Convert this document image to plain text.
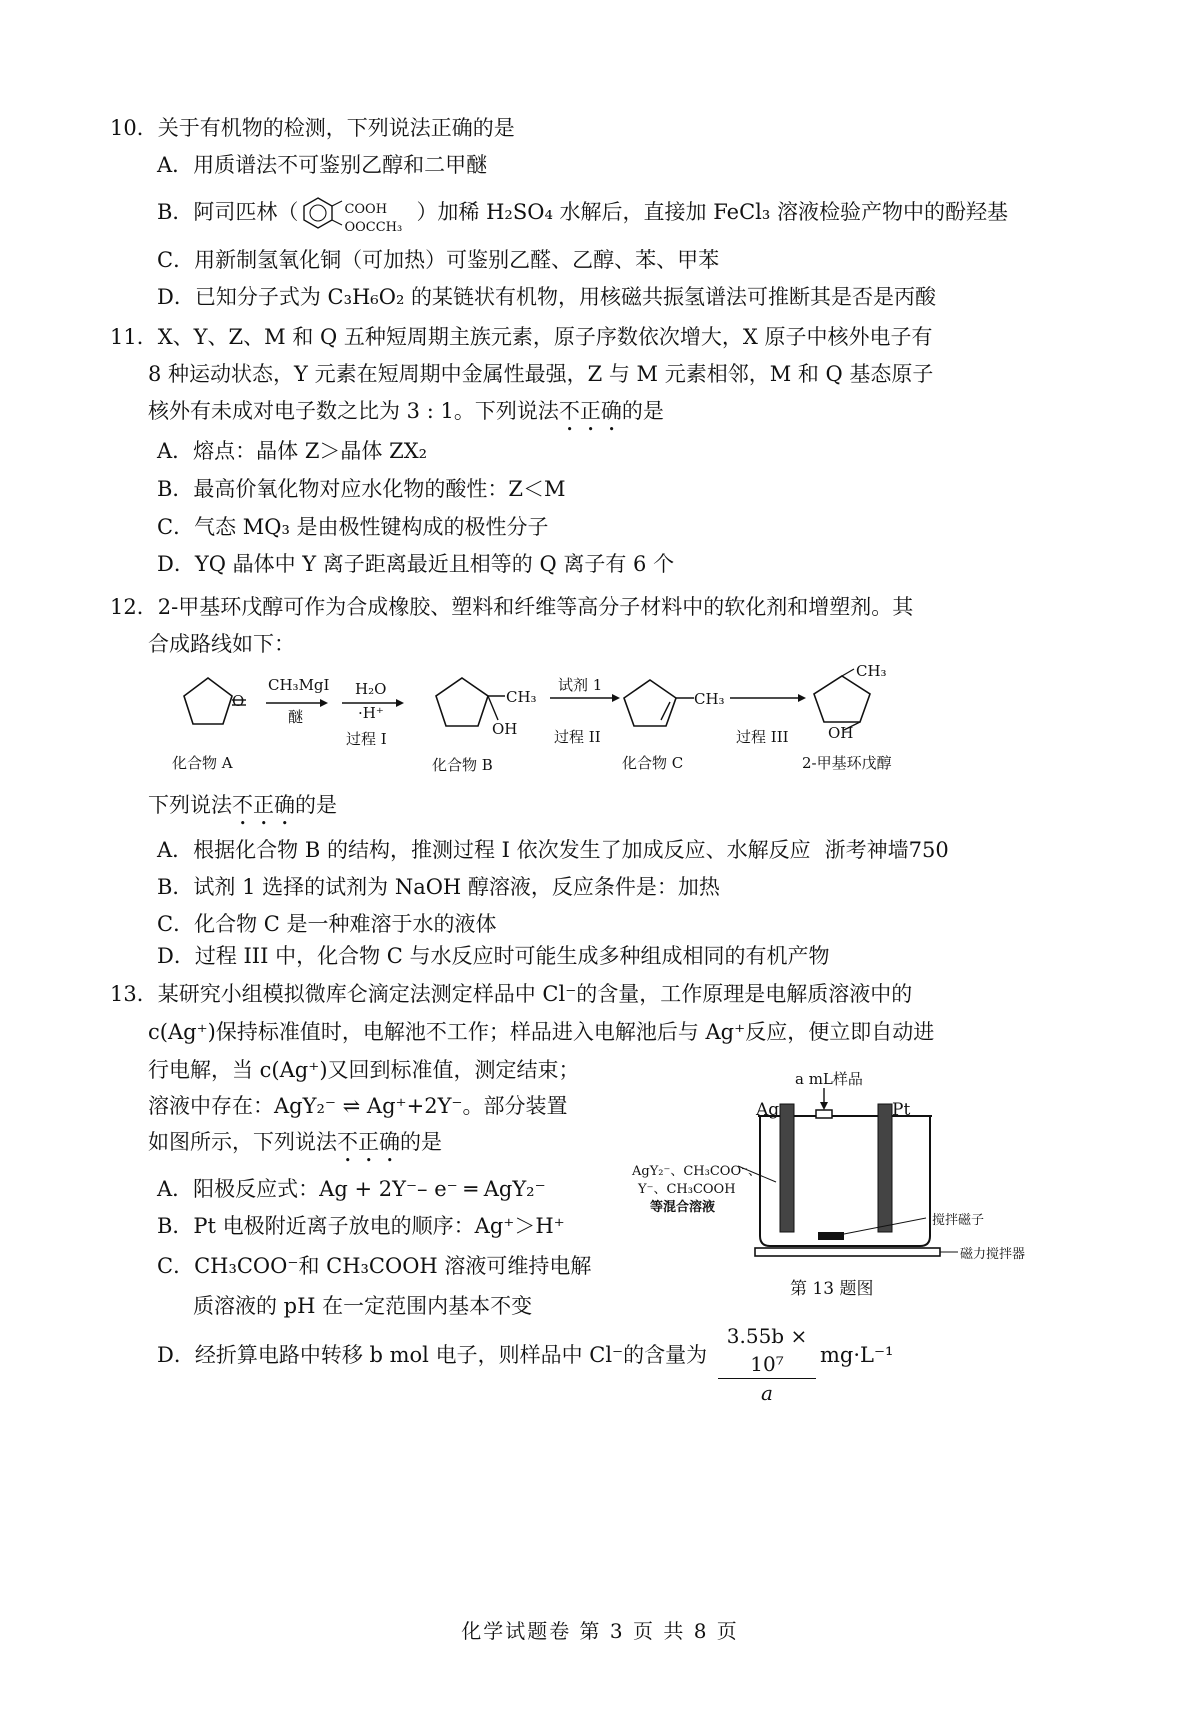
10．关于有机物的检测，下列说法正确的是
A．用质谱法不可鉴别乙醇和二甲醚
B．阿司匹林（	COOH
OOCCH₃
）加稀 H₂SO₄ 水解后，直接加 FeCl₃ 溶液检验产物中的酚羟基
C．用新制氢氧化铜（可加热）可鉴别乙醛、乙醇、苯、甲苯
D．已知分子式为 C₃H₆O₂ 的某链状有机物，用核磁共振氢谱法可推断其是否是丙酸
11．X、Y、Z、M 和 Q 五种短周期主族元素，原子序数依次增大，X 原子中核外电子有
8 种运动状态，Y 元素在短周期中金属性最强，Z 与 M 元素相邻，M 和 Q 基态原子
核外有未成对电子数之比为 3 : 1。下列说法不正确的是
A．熔点：晶体 Z＞晶体 ZX₂
B．最高价氧化物对应水化物的酸性：Z＜M
C．气态 MQ₃ 是由极性键构成的极性分子
D．YQ 晶体中 Y 离子距离最近且相等的 Q 离子有 6 个
12．2-甲基环戊醇可作为合成橡胶、塑料和纤维等高分子材料中的软化剂和增塑剂。其
合成路线如下：
O
CH₃MgI
醚
H₂O
·H⁺
过程 I
CH₃
OH
试剂 1
过程 II
CH₃
过程 III
CH₃
OH
化合物 A	化合物 B	化合物 C	2-甲基环戊醇
下列说法不正确的是
A．根据化合物 B 的结构，推测过程 I 依次发生了加成反应、水解反应 浙考神墙750
B．试剂 1 选择的试剂为 NaOH 醇溶液，反应条件是：加热
C．化合物 C 是一种难溶于水的液体
D．过程 III 中，化合物 C 与水反应时可能生成多种组成相同的有机产物
13．某研究小组模拟微库仑滴定法测定样品中 Cl⁻的含量，工作原理是电解质溶液中的
c(Ag⁺)保持标准值时，电解池不工作；样品进入电解池后与 Ag⁺反应，便立即自动进
行电解，当 c(Ag⁺)又回到标准值，测定结束；
溶液中存在：AgY₂⁻ ⇌ Ag⁺+2Y⁻。部分装置
如图所示，下列说法不正确的是
A．阳极反应式：Ag + 2Y⁻– e⁻ ═ AgY₂⁻
B．Pt 电极附近离子放电的顺序：Ag⁺＞H⁺
C．CH₃COO⁻和 CH₃COOH 溶液可维持电解
质溶液的 pH 在一定范围内基本不变
D．经折算电路中转移 b mol 电子，则样品中 Cl⁻的含量为 $\frac{\text{3.55b × 10⁷}}{a} mg\cdot L^{-1}$
a mL样品
Ag	Pt
AgY₂⁻、CH₃COO⁻、
Y⁻、CH₃COOH
等混合溶液
搅拌磁子
磁力搅拌器
第 13 题图
化学试题卷 第 3 页 共 8 页
